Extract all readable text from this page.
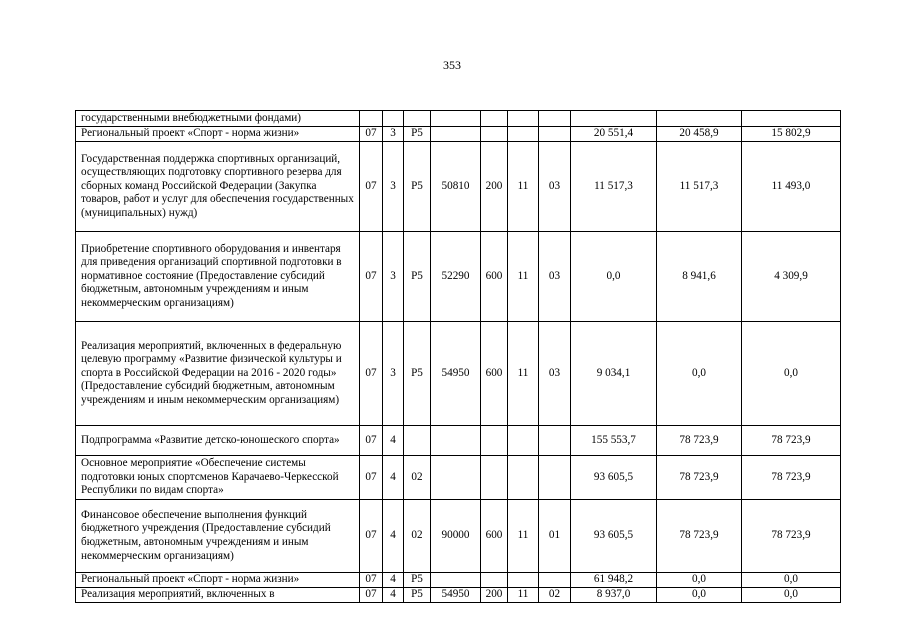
353
государственными внебюджетными фондами)										
Региональный проект «Спорт - норма жизни»	07	3	Р5					20 551,4	20 458,9	15 802,9
Государственная поддержка спортивных организаций, осуществляющих подготовку спортивного резерва для сборных команд Российской Федерации (Закупка товаров, работ и услуг для обеспечения государственных (муниципальных) нужд)	07	3	Р5	50810	200	11	03	11 517,3	11 517,3	11 493,0
Приобретение спортивного оборудования и инвентаря для приведения организаций спортивной подготовки в нормативное состояние (Предоставление субсидий бюджетным, автономным учреждениям и иным некоммерческим организациям)	07	3	Р5	52290	600	11	03	0,0	8 941,6	4 309,9
Реализация мероприятий, включенных в федеральную целевую программу «Развитие физической культуры и спорта в Российской Федерации на 2016 - 2020 годы» (Предоставление субсидий бюджетным, автономным учреждениям и иным некоммерческим организациям)	07	3	Р5	54950	600	11	03	9 034,1	0,0	0,0
Подпрограмма «Развитие детско-юношеского спорта»	07	4						155 553,7	78 723,9	78 723,9
Основное мероприятие «Обеспечение системы подготовки юных спортсменов Карачаево-Черкесской Республики по видам спорта»	07	4	02					93 605,5	78 723,9	78 723,9
Финансовое обеспечение выполнения функций бюджетного учреждения (Предоставление субсидий бюджетным, автономным учреждениям и иным некоммерческим организациям)	07	4	02	90000	600	11	01	93 605,5	78 723,9	78 723,9
Региональный проект «Спорт - норма жизни»	07	4	Р5					61 948,2	0,0	0,0
Реализация мероприятий, включенных в	07	4	Р5	54950	200	11	02	8 937,0	0,0	0,0
